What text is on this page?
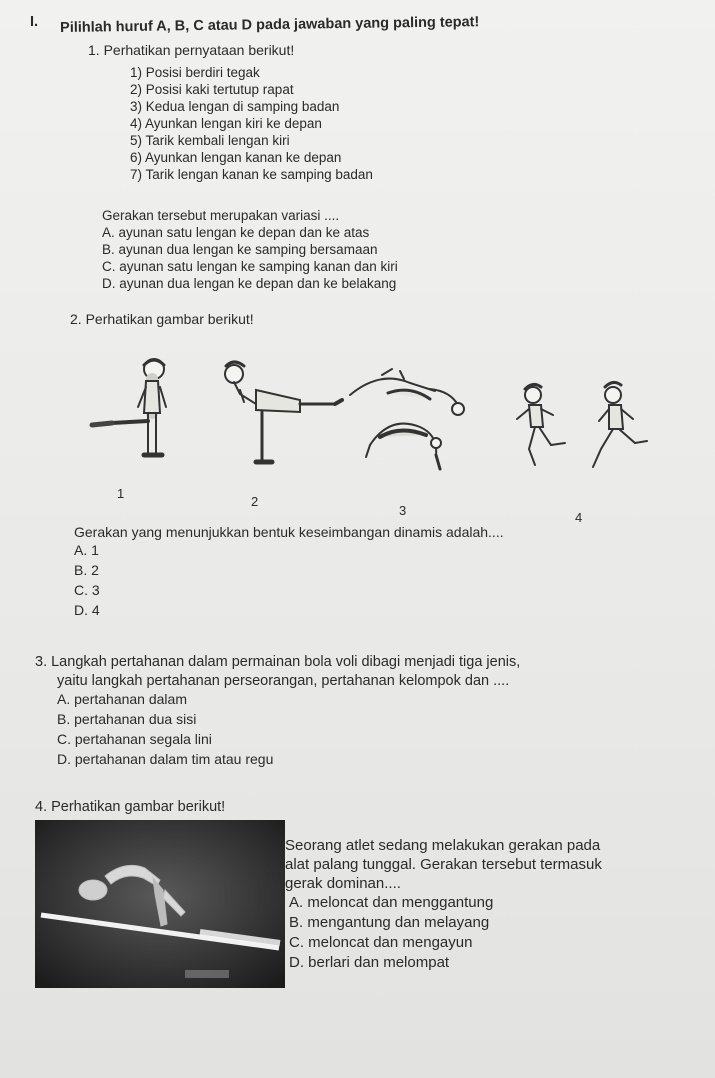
I. Pilihlah huruf A, B, C atau D pada jawaban yang paling tepat!
1. Perhatikan pernyataan berikut!
1) Posisi berdiri tegak
2) Posisi kaki tertutup rapat
3) Kedua lengan di samping badan
4) Ayunkan lengan kiri ke depan
5) Tarik kembali lengan kiri
6) Ayunkan lengan kanan ke depan
7) Tarik lengan kanan ke samping badan
Gerakan tersebut merupakan variasi ....
A. ayunan satu lengan ke depan dan ke atas
B. ayunan dua lengan ke samping bersamaan
C. ayunan satu lengan ke samping kanan dan kiri
D. ayunan dua lengan ke depan dan ke belakang
2. Perhatikan gambar berikut!
1
2
3	4
Gerakan yang menunjukkan bentuk keseimbangan dinamis adalah....
A. 1
B. 2
C. 3
D. 4
3. Langkah pertahanan dalam permainan bola voli dibagi menjadi tiga jenis,
yaitu langkah pertahanan perseorangan, pertahanan kelompok dan ....
A. pertahanan dalam
B. pertahanan dua sisi
C. pertahanan segala lini
D. pertahanan dalam tim atau regu
4. Perhatikan gambar berikut!
Seorang atlet sedang melakukan gerakan pada
alat palang tunggal. Gerakan tersebut termasuk
gerak dominan....
A. meloncat dan menggantung
B. mengantung dan melayang
C. meloncat dan mengayun
D. berlari dan melompat
